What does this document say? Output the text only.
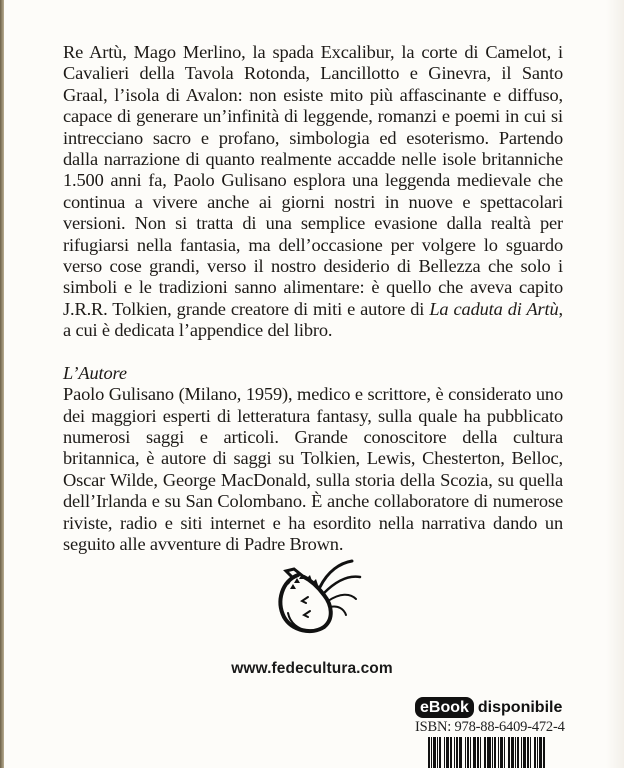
Re Artù, Mago Merlino, la spada Excalibur, la corte di Camelot, i Cavalieri della Tavola Rotonda, Lancillotto e Ginevra, il Santo Graal, l’isola di Avalon: non esiste mito più affascinante e diffuso, capace di generare un’infinità di leggende, romanzi e poemi in cui si intrecciano sacro e profano, simbologia ed esoterismo. Partendo dalla narrazione di quanto realmente accadde nelle isole britanniche 1.500 anni fa, Paolo Gulisano esplora una leggenda medievale che continua a vivere anche ai giorni nostri in nuove e spettacolari versioni. Non si tratta di una semplice evasione dalla realtà per rifugiarsi nella fantasia, ma dell’occasione per volgere lo sguardo verso cose grandi, verso il nostro desiderio di Bellezza che solo i simboli e le tradizioni sanno alimentare: è quello che aveva capito J.R.R. Tolkien, grande creatore di miti e autore di La caduta di Artù, a cui è dedicata l’appendice del libro.

L’Autore

Paolo Gulisano (Milano, 1959), medico e scrittore, è considerato uno dei maggiori esperti di letteratura fantasy, sulla quale ha pubblicato numerosi saggi e articoli. Grande conoscitore della cultura britannica, è autore di saggi su Tolkien, Lewis, Chesterton, Belloc, Oscar Wilde, George MacDonald, sulla storia della Scozia, su quella dell’Irlanda e su San Colombano. È anche collaboratore di numerose riviste, radio e siti internet e ha esordito nella narrativa dando un seguito alle avventure di Padre Brown.

www.fedecultura.com
eBook disponibile
ISBN: 978-88-6409-472-4
